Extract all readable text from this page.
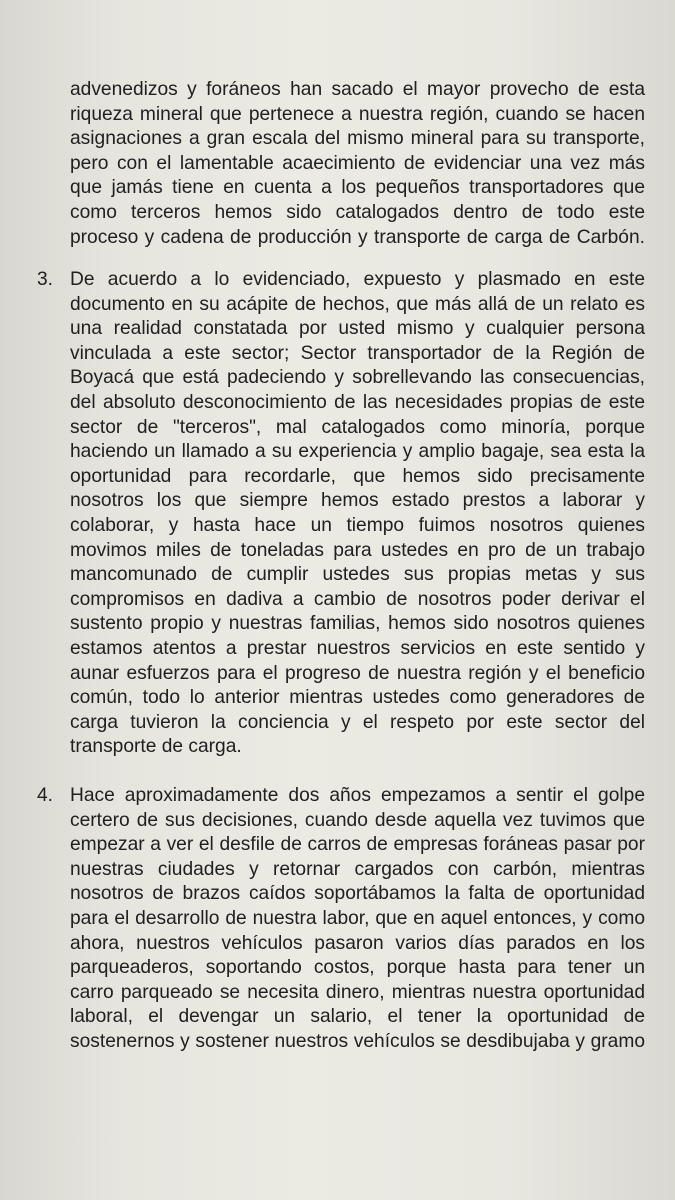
advenedizos y foráneos han sacado el mayor provecho de esta
riqueza mineral que pertenece a nuestra región, cuando se hacen
asignaciones a gran escala del mismo mineral para su transporte,
pero con el lamentable acaecimiento de evidenciar una vez más
que jamás tiene en cuenta a los pequeños transportadores que
como terceros hemos sido catalogados dentro de todo este
proceso y cadena de producción y transporte de carga de Carbón.
3. De acuerdo a lo evidenciado, expuesto y plasmado en este
documento en su acápite de hechos, que más allá de un relato es
una realidad constatada por usted mismo y cualquier persona
vinculada a este sector; Sector transportador de la Región de
Boyacá que está padeciendo y sobrellevando las consecuencias,
del absoluto desconocimiento de las necesidades propias de este
sector de "terceros", mal catalogados como minoría, porque
haciendo un llamado a su experiencia y amplio bagaje, sea esta la
oportunidad para recordarle, que hemos sido precisamente
nosotros los que siempre hemos estado prestos a laborar y
colaborar, y hasta hace un tiempo fuimos nosotros quienes
movimos miles de toneladas para ustedes en pro de un trabajo
mancomunado de cumplir ustedes sus propias metas y sus
compromisos en dadiva a cambio de nosotros poder derivar el
sustento propio y nuestras familias, hemos sido nosotros quienes
estamos atentos a prestar nuestros servicios en este sentido y
aunar esfuerzos para el progreso de nuestra región y el beneficio
común, todo lo anterior mientras ustedes como generadores de
carga tuvieron la conciencia y el respeto por este sector del
transporte de carga.
4. Hace aproximadamente dos años empezamos a sentir el golpe
certero de sus decisiones, cuando desde aquella vez tuvimos que
empezar a ver el desfile de carros de empresas foráneas pasar por
nuestras ciudades y retornar cargados con carbón, mientras
nosotros de brazos caídos soportábamos la falta de oportunidad
para el desarrollo de nuestra labor, que en aquel entonces, y como
ahora, nuestros vehículos pasaron varios días parados en los
parqueaderos, soportando costos, porque hasta para tener un
carro parqueado se necesita dinero, mientras nuestra oportunidad
laboral, el devengar un salario, el tener la oportunidad de
sostenernos y sostener nuestros vehículos se desdibujaba y gramo
